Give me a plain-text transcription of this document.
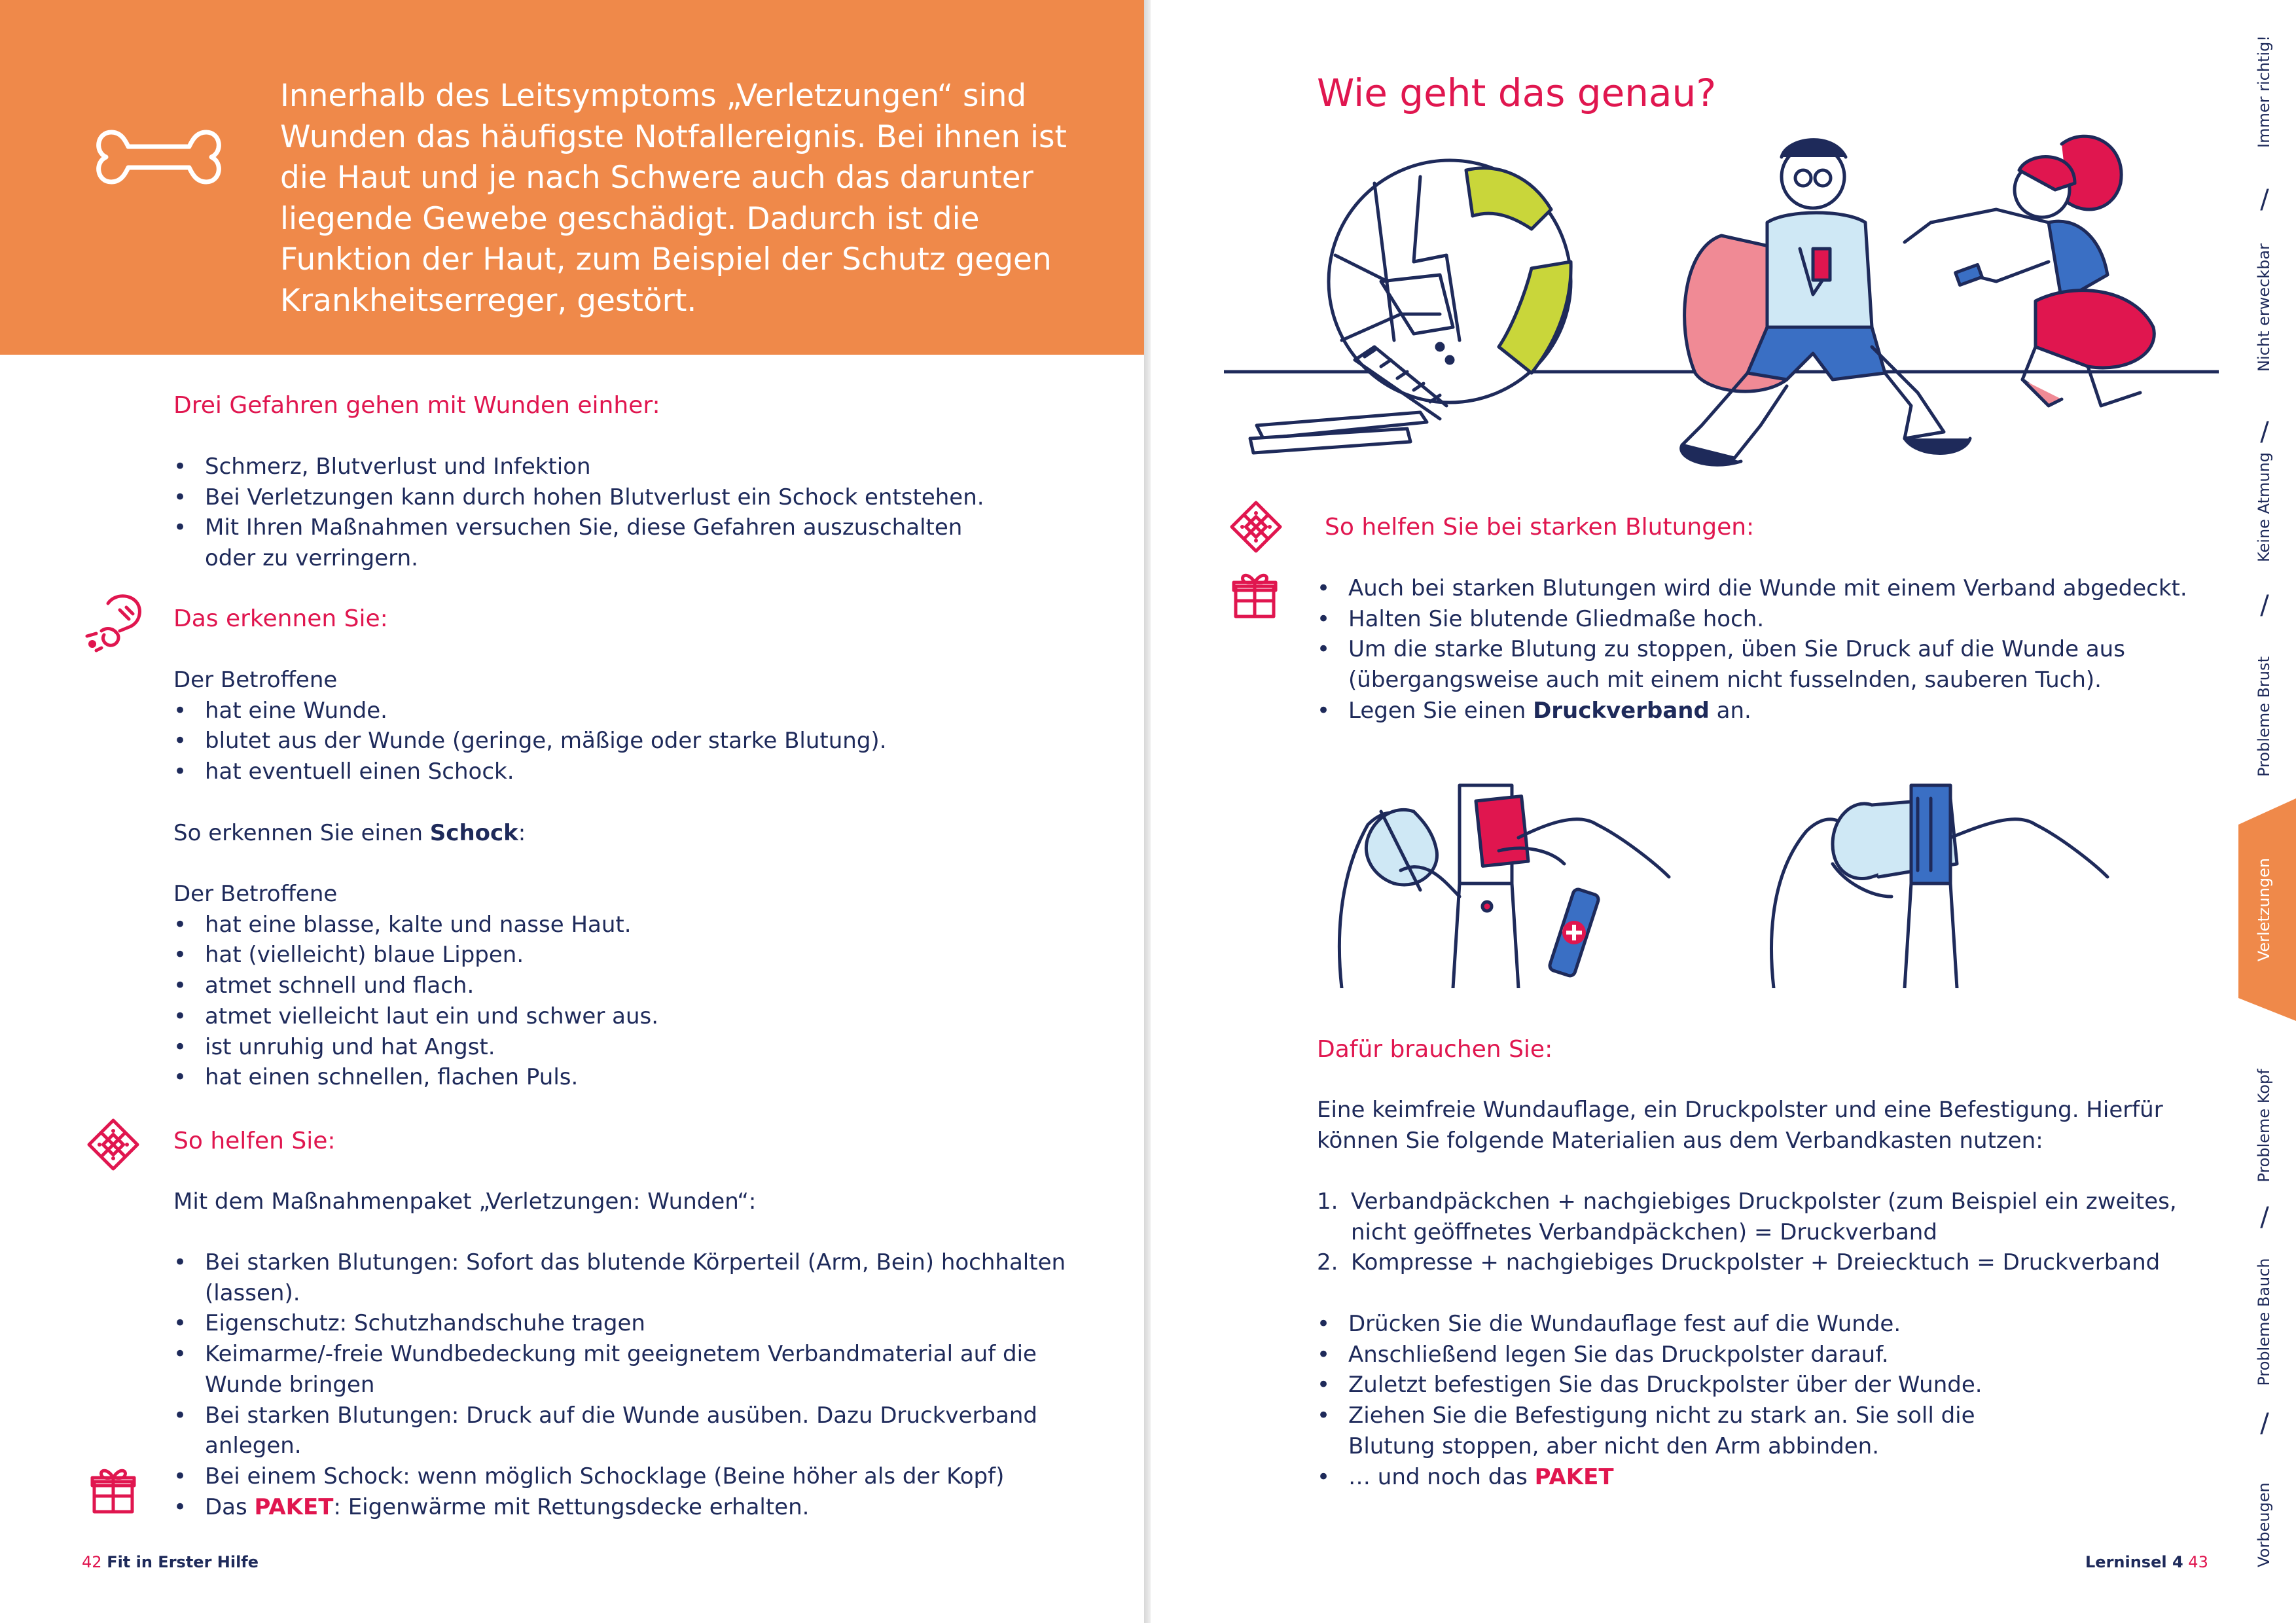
Innerhalb des Leitsymptoms „Verletzungen“ sind Wunden das häufigste Notfallereignis. Bei ihnen ist die Haut und je nach Schwere auch das darunter liegende Gewebe geschädigt. Dadurch ist die Funktion der Haut, zum Beispiel der Schutz gegen Krankheitserreger, gestört.

Drei Gefahren gehen mit Wunden einher:

• Schmerz, Blutverlust und Infektion
• Bei Verletzungen kann durch hohen Blutverlust ein Schock entstehen.
• Mit Ihren Maßnahmen versuchen Sie, diese Gefahren auszuschalten oder zu verringern.

Das erkennen Sie:

Der Betroffene
• hat eine Wunde.
• blutet aus der Wunde (geringe, mäßige oder starke Blutung).
• hat eventuell einen Schock.
So erkennen Sie einen Schock:
Der Betroffene
• hat eine blasse, kalte und nasse Haut.
• hat (vielleicht) blaue Lippen.
• atmet schnell und flach.
• atmet vielleicht laut ein und schwer aus.
• ist unruhig und hat Angst.
• hat einen schnellen, flachen Puls.

So helfen Sie:

Mit dem Maßnahmenpaket „Verletzungen: Wunden“:
• Bei starken Blutungen: Sofort das blutende Körperteil (Arm, Bein) hochhalten (lassen).
• Eigenschutz: Schutzhandschuhe tragen
• Keimarme/-freie Wundbedeckung mit geeignetem Verbandmaterial auf die Wunde bringen
• Bei starken Blutungen: Druck auf die Wunde ausüben. Dazu Druckverband anlegen.
• Bei einem Schock: wenn möglich Schocklage (Beine höher als der Kopf)
• Das PAKET: Eigenwärme mit Rettungsdecke erhalten.
42 Fit in Erster Hilfe

Wie geht das genau?

So helfen Sie bei starken Blutungen:

• Auch bei starken Blutungen wird die Wunde mit einem Verband abgedeckt.
• Halten Sie blutende Gliedmaße hoch.
• Um die starke Blutung zu stoppen, üben Sie Druck auf die Wunde aus (übergangsweise auch mit einem nicht fusselnden, sauberen Tuch).
• Legen Sie einen Druckverband an.

Dafür brauchen Sie:

Eine keimfreie Wundauflage, ein Druckpolster und eine Befestigung. Hierfür können Sie folgende Materialien aus dem Verbandkasten nutzen:
1. Verbandpäckchen + nachgiebiges Druckpolster (zum Beispiel ein zweites, nicht geöffnetes Verbandpäckchen) = Druckverband
2. Kompresse + nachgiebiges Druckpolster + Dreiecktuch = Druckverband
• Drücken Sie die Wundauflage fest auf die Wunde.
• Anschließend legen Sie das Druckpolster darauf.
• Zuletzt befestigen Sie das Druckpolster über der Wunde.
• Ziehen Sie die Befestigung nicht zu stark an. Sie soll die Blutung stoppen, aber nicht den Arm abbinden.
• … und noch das PAKET
Lerninsel 4 43
Immer richtig!
/
Nicht erweckbar
/
Keine Atmung
/
Probleme Brust
Verletzungen
Probleme Kopf
/
Probleme Bauch
/
Vorbeugen
